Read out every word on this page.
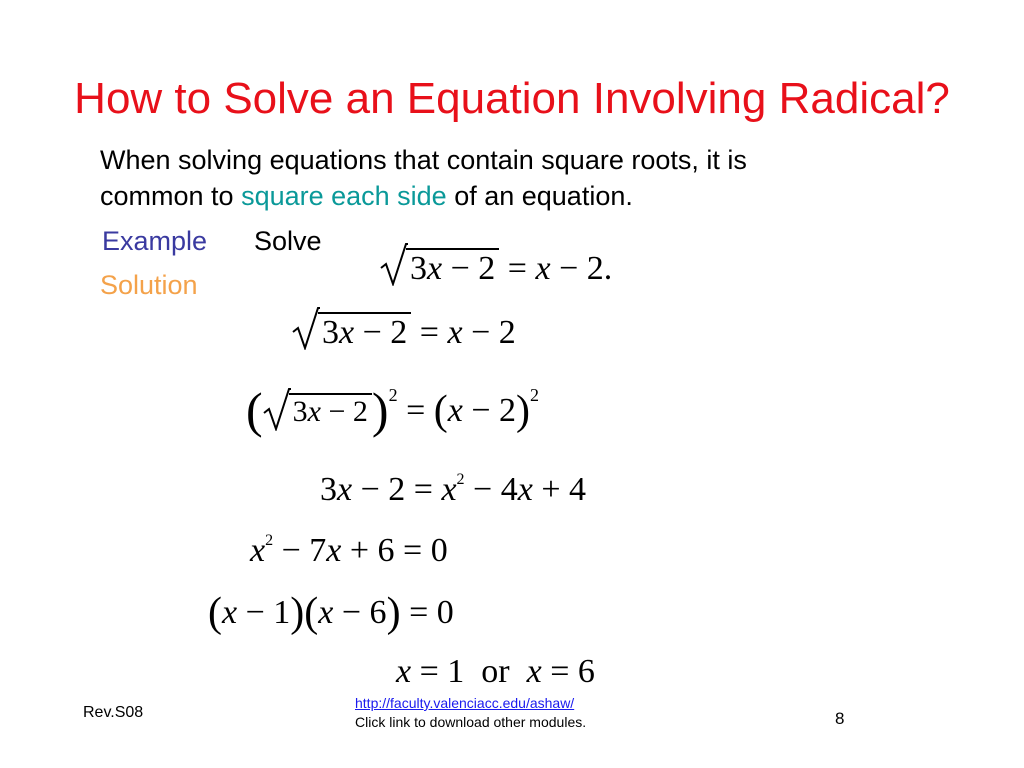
How to Solve an Equation Involving Radical?
When solving equations that contain square roots, it is
common to square each side of an equation.
Example Solve
Solution	3x − 2 = x − 2.
3x − 2 = x − 2
( $3x - 2)^2 = (x - 2)^2$
$3x - 2 = x^2 - 4x + 4$
$x^2 - 7x + 6 = 0$
(x − 1)(x − 6) = 0
x = 1  or  x = 6
Rev.S08
http://faculty.valenciacc.edu/ashaw/
Click link to download other modules.	8
